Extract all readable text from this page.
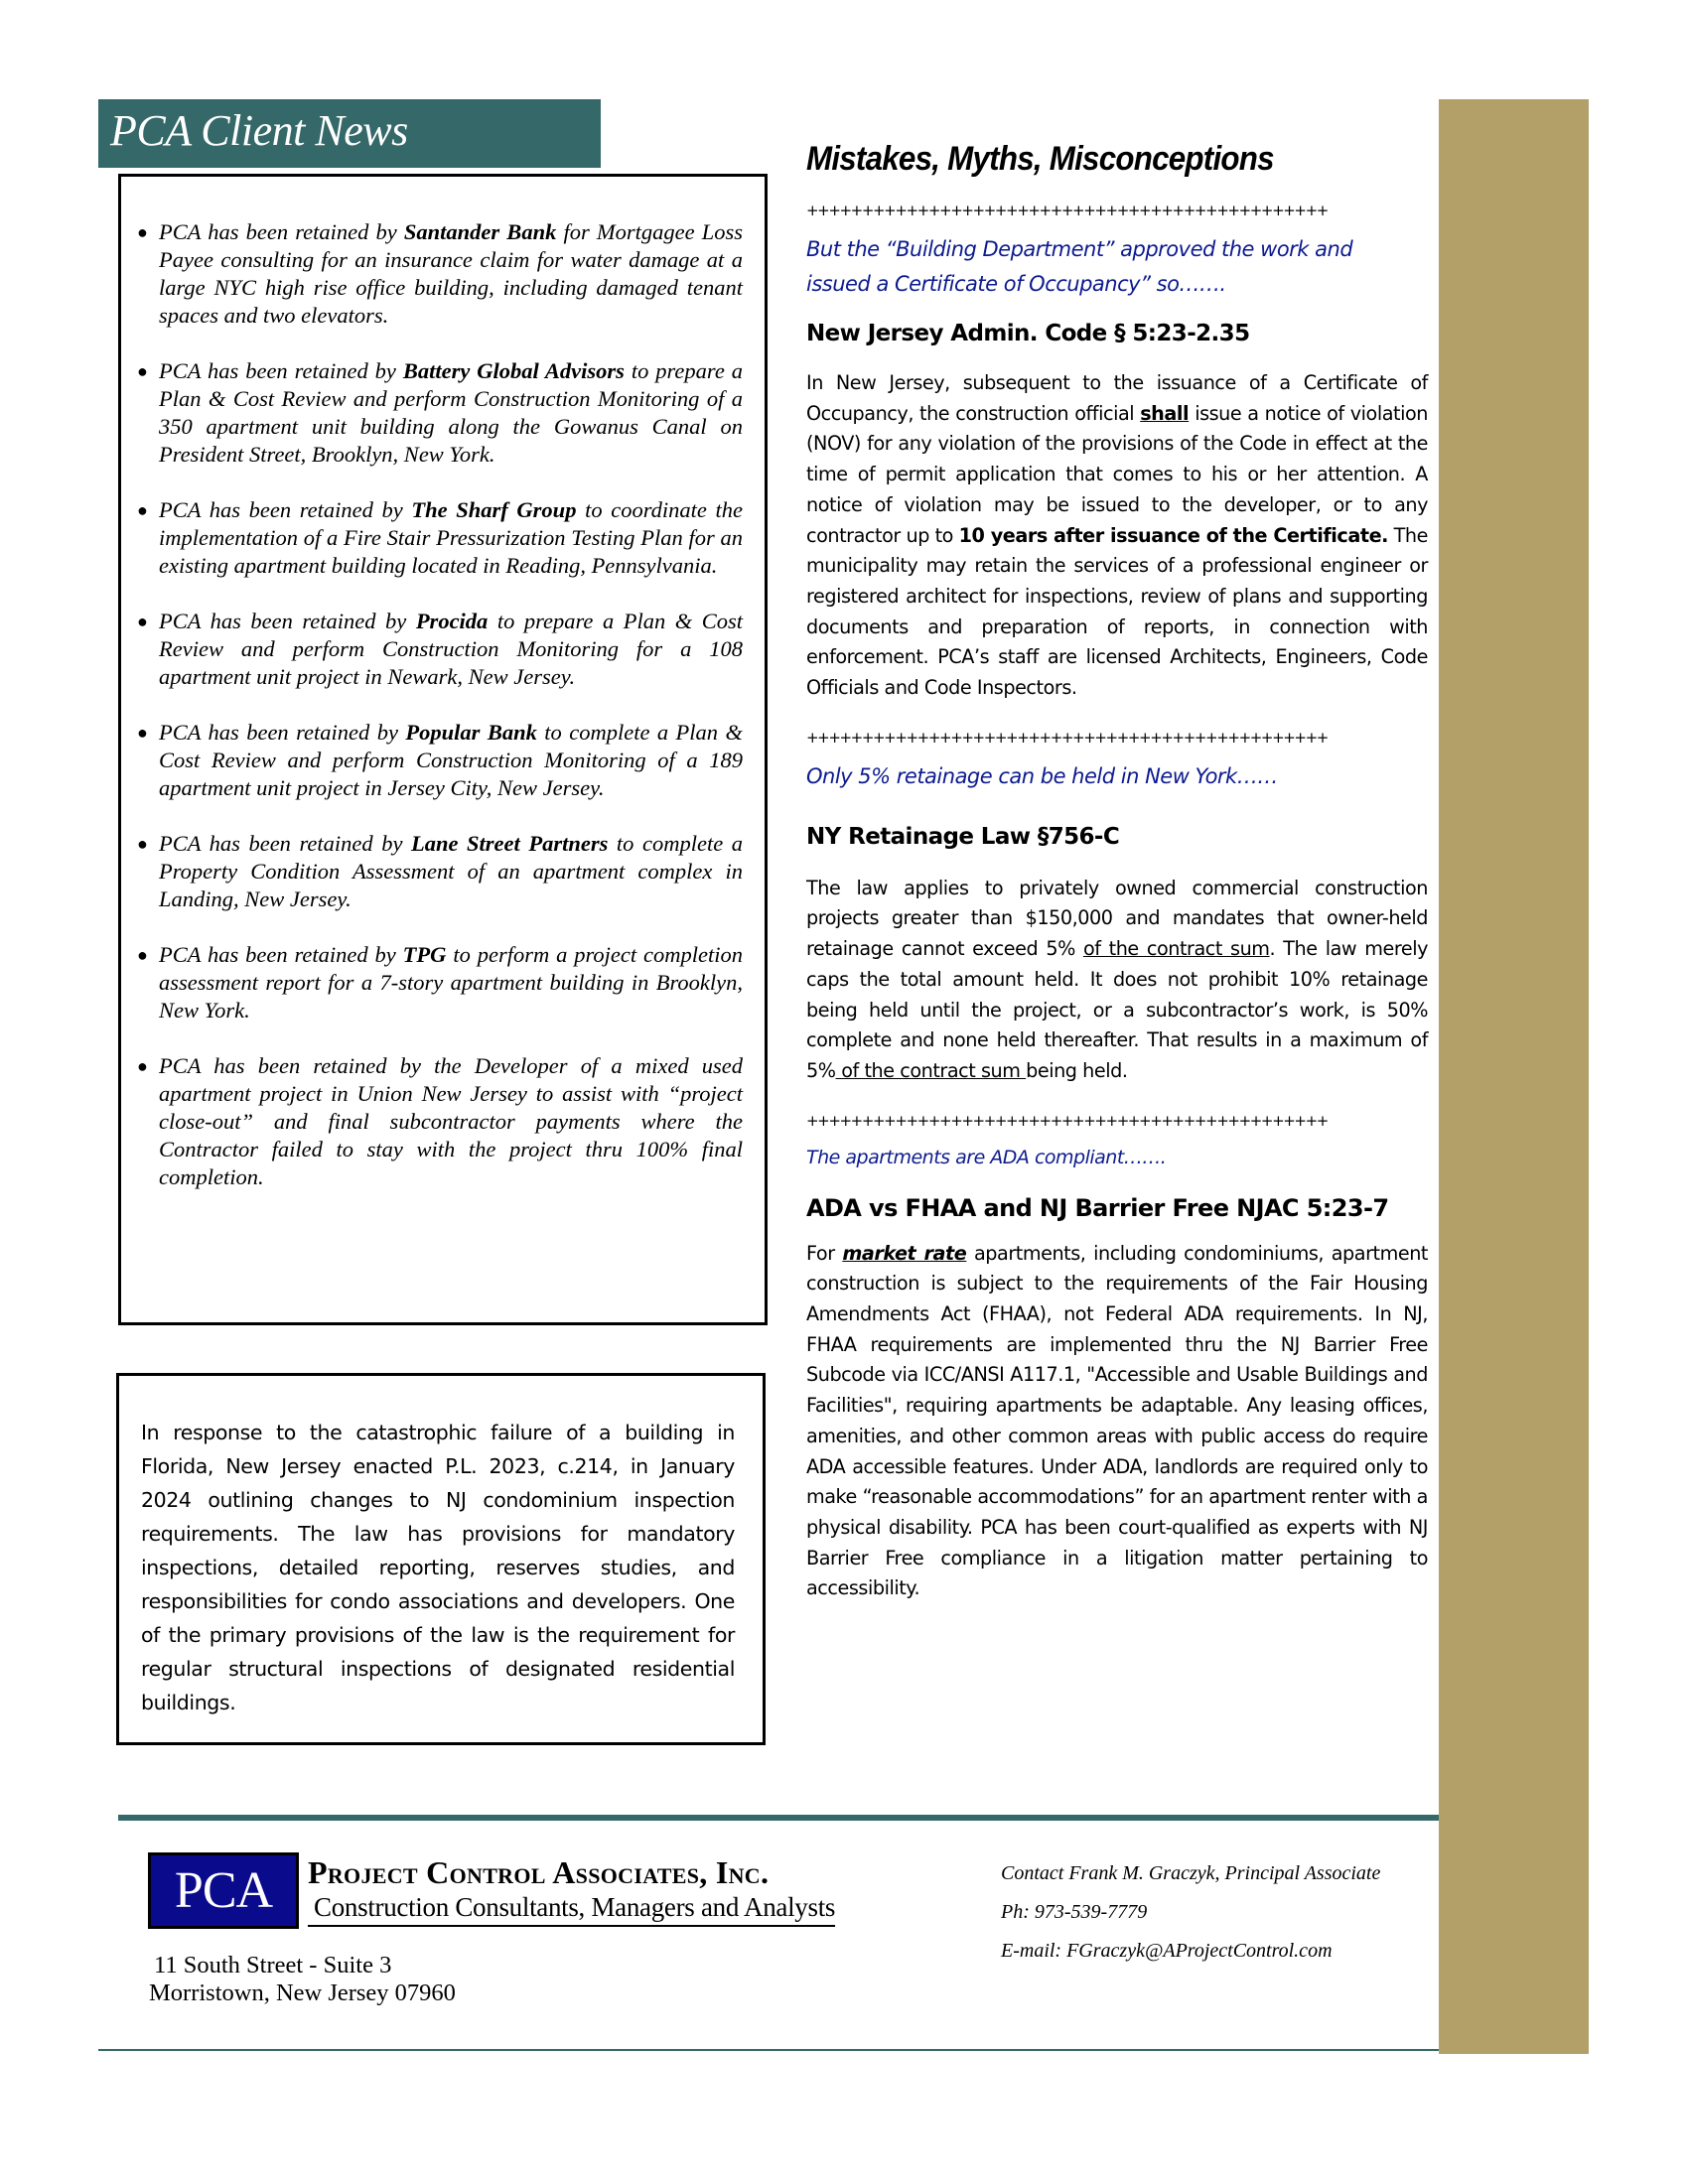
PCA Client News
● PCA has been retained by Santander Bank for Mortgagee Loss Payee consulting for an insurance claim for water damage at a large NYC high rise office building, including damaged tenant spaces and two elevators.
● PCA has been retained by Battery Global Advisors to prepare a Plan & Cost Review and perform Construction Monitoring of a 350 apartment unit building along the Gowanus Canal on President Street, Brooklyn, New York.
● PCA has been retained by The Sharf Group to coordinate the implementation of a Fire Stair Pressurization Testing Plan for an existing apartment building located in Reading, Pennsylvania.
● PCA has been retained by Procida to prepare a Plan & Cost Review and perform Construction Monitoring for a 108 apartment unit project in Newark, New Jersey.
● PCA has been retained by Popular Bank to complete a Plan & Cost Review and perform Construction Monitoring of a 189 apartment unit project in Jersey City, New Jersey.
● PCA has been retained by Lane Street Partners to complete a Property Condition Assessment of an apartment complex in Landing, New Jersey.
● PCA has been retained by TPG to perform a project completion assessment report for a 7-story apartment building in Brooklyn, New York.
● PCA has been retained by the Developer of a mixed used apartment project in Union New Jersey to assist with “project close-out” and final subcontractor payments where the Contractor failed to stay with the project thru 100% final completion.
In response to the catastrophic failure of a building in Florida, New Jersey enacted P.L. 2023, c.214, in January 2024 outlining changes to NJ condominium inspection requirements. The law has provisions for mandatory inspections, detailed reporting, reserves studies, and responsibilities for condo associations and developers. One of the primary provisions of the law is the requirement for regular structural inspections of designated residential buildings.
Mistakes, Myths, Misconceptions
+++++++++++++++++++++++++++++++++++++++++++++++
But the “Building Department” approved the work and issued a Certificate of Occupancy” so…….
New Jersey Admin. Code § 5:23-2.35
In New Jersey, subsequent to the issuance of a Certificate of Occupancy, the construction official shall issue a notice of violation (NOV) for any violation of the provisions of the Code in effect at the time of permit application that comes to his or her attention. A notice of violation may be issued to the developer, or to any contractor up to 10 years after issuance of the Certificate. The municipality may retain the services of a professional engineer or registered architect for inspections, review of plans and supporting documents and preparation of reports, in connection with enforcement. PCA’s staff are licensed Architects, Engineers, Code Officials and Code Inspectors.
+++++++++++++++++++++++++++++++++++++++++++++++
Only 5% retainage can be held in New York……
NY Retainage Law §756-C
The law applies to privately owned commercial construction projects greater than $150,000 and mandates that owner-held retainage cannot exceed 5% of the contract sum. The law merely caps the total amount held. It does not prohibit 10% retainage being held until the project, or a subcontractor’s work, is 50% complete and none held thereafter. That results in a maximum of 5% of the contract sum being held.
+++++++++++++++++++++++++++++++++++++++++++++++
The apartments are ADA compliant…….
ADA vs FHAA and NJ Barrier Free NJAC 5:23-7
For market rate apartments, including condominiums, apartment construction is subject to the requirements of the Fair Housing Amendments Act (FHAA), not Federal ADA requirements. In NJ, FHAA requirements are implemented thru the NJ Barrier Free Subcode via ICC/ANSI A117.1, "Accessible and Usable Buildings and Facilities", requiring apartments be adaptable. Any leasing offices, amenities, and other common areas with public access do require ADA accessible features. Under ADA, landlords are required only to make “reasonable accommodations” for an apartment renter with a physical disability. PCA has been court-qualified as experts with NJ Barrier Free compliance in a litigation matter pertaining to accessibility.
PCA	Project Control Associates, Inc.
Construction Consultants, Managers and Analysts
11 South Street - Suite 3
Morristown, New Jersey 07960
Contact Frank M. Graczyk, Principal Associate
Ph: 973-539-7779
E-mail: FGraczyk@AProjectControl.com
